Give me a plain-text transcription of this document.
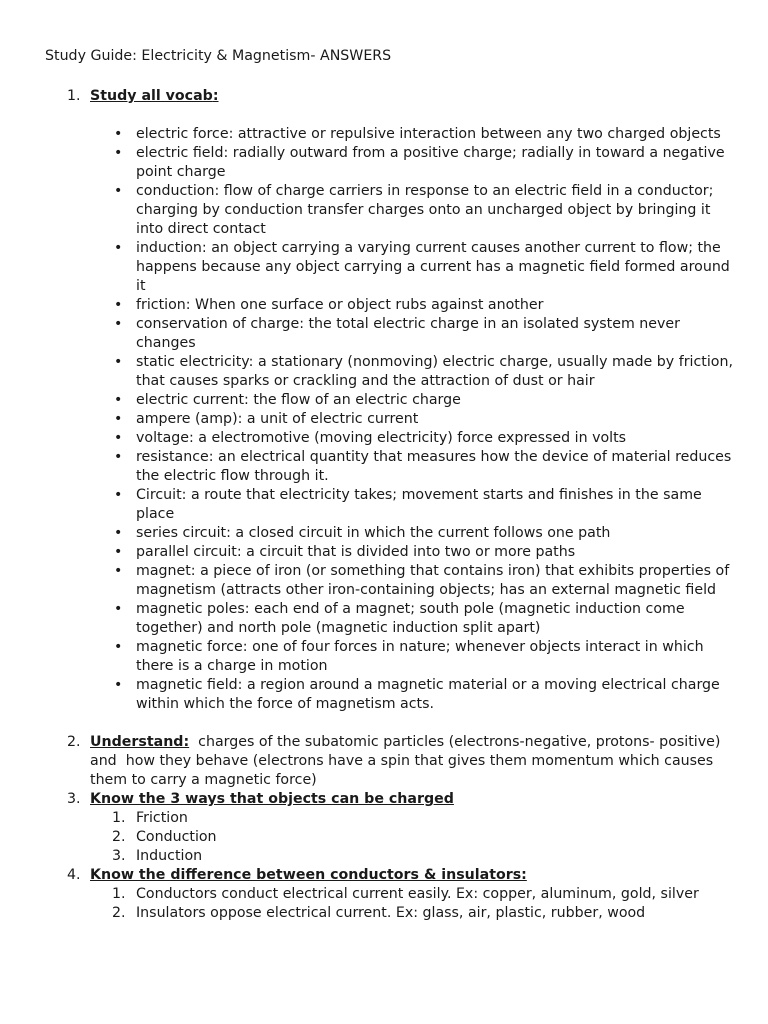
Study Guide: Electricity & Magnetism- ANSWERS
1. Study all vocab:
• electric force: attractive or repulsive interaction between any two charged objects
• electric field: radially outward from a positive charge; radially in toward a negative point charge
• conduction: flow of charge carriers in response to an electric field in a conductor; charging by conduction transfer charges onto an uncharged object by bringing it into direct contact
• induction: an object carrying a varying current causes another current to flow; the happens because any object carrying a current has a magnetic field formed around it
• friction: When one surface or object rubs against another
• conservation of charge: the total electric charge in an isolated system never changes
• static electricity: a stationary (nonmoving) electric charge, usually made by friction, that causes sparks or crackling and the attraction of dust or hair
• electric current: the flow of an electric charge
• ampere (amp): a unit of electric current
• voltage: a electromotive (moving electricity) force expressed in volts
• resistance: an electrical quantity that measures how the device of material reduces the electric flow through it.
• Circuit: a route that electricity takes; movement starts and finishes in the same place
• series circuit: a closed circuit in which the current follows one path
• parallel circuit: a circuit that is divided into two or more paths
• magnet: a piece of iron (or something that contains iron) that exhibits properties of magnetism (attracts other iron-containing objects; has an external magnetic field
• magnetic poles: each end of a magnet; south pole (magnetic induction come together) and north pole (magnetic induction split apart)
• magnetic force: one of four forces in nature; whenever objects interact in which there is a charge in motion
• magnetic field: a region around a magnetic material or a moving electrical charge within which the force of magnetism acts.
2. Understand:  charges of the subatomic particles (electrons-negative, protons- positive) and  how they behave (electrons have a spin that gives them momentum which causes them to carry a magnetic force)
3. Know the 3 ways that objects can be charged
1. Friction
2. Conduction
3. Induction
4. Know the difference between conductors & insulators:
1. Conductors conduct electrical current easily. Ex: copper, aluminum, gold, silver
2. Insulators oppose electrical current. Ex: glass, air, plastic, rubber, wood
